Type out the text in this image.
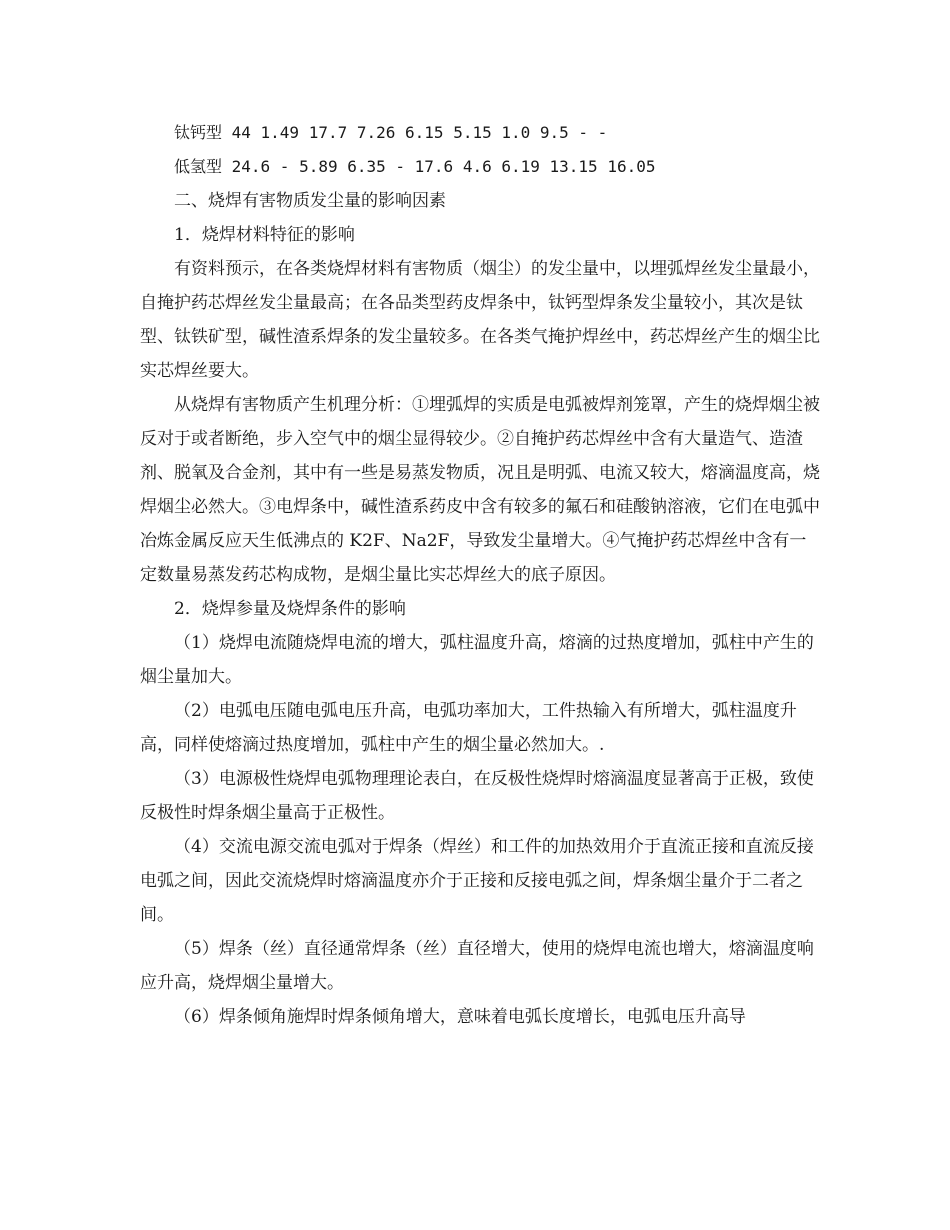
钛钙型 44 1.49 17.7 7.26 6.15 5.15 1.0 9.5 - -

低氢型 24.6 - 5.89 6.35 - 17.6 4.6 6.19 13.15 16.05

二、烧焊有害物质发尘量的影响因素

1．烧焊材料特征的影响

有资料预示，在各类烧焊材料有害物质（烟尘）的发尘量中，以埋弧焊丝发尘量最小，自掩护药芯焊丝发尘量最高；在各品类型药皮焊条中，钛钙型焊条发尘量较小，其次是钛型、钛铁矿型，碱性渣系焊条的发尘量较多。在各类气掩护焊丝中，药芯焊丝产生的烟尘比实芯焊丝要大。

从烧焊有害物质产生机理分析：①埋弧焊的实质是电弧被焊剂笼罩，产生的烧焊烟尘被反对于或者断绝，步入空气中的烟尘显得较少。②自掩护药芯焊丝中含有大量造气、造渣剂、脱氧及合金剂，其中有一些是易蒸发物质，况且是明弧、电流又较大，熔滴温度高，烧焊烟尘必然大。③电焊条中，碱性渣系药皮中含有较多的氟石和硅酸钠溶液，它们在电弧中冶炼金属反应天生低沸点的 K2F、Na2F，导致发尘量增大。④气掩护药芯焊丝中含有一定数量易蒸发药芯构成物，是烟尘量比实芯焊丝大的底子原因。

2．烧焊参量及烧焊条件的影响

（1）烧焊电流随烧焊电流的增大，弧柱温度升高，熔滴的过热度增加，弧柱中产生的烟尘量加大。

（2）电弧电压随电弧电压升高，电弧功率加大，工件热输入有所增大，弧柱温度升高，同样使熔滴过热度增加，弧柱中产生的烟尘量必然加大。.

（3）电源极性烧焊电弧物理理论表白，在反极性烧焊时熔滴温度显著高于正极，致使反极性时焊条烟尘量高于正极性。

（4）交流电源交流电弧对于焊条（焊丝）和工件的加热效用介于直流正接和直流反接电弧之间，因此交流烧焊时熔滴温度亦介于正接和反接电弧之间，焊条烟尘量介于二者之间。

（5）焊条（丝）直径通常焊条（丝）直径增大，使用的烧焊电流也增大，熔滴温度响应升高，烧焊烟尘量增大。

（6）焊条倾角施焊时焊条倾角增大，意味着电弧长度增长，电弧电压升高导
